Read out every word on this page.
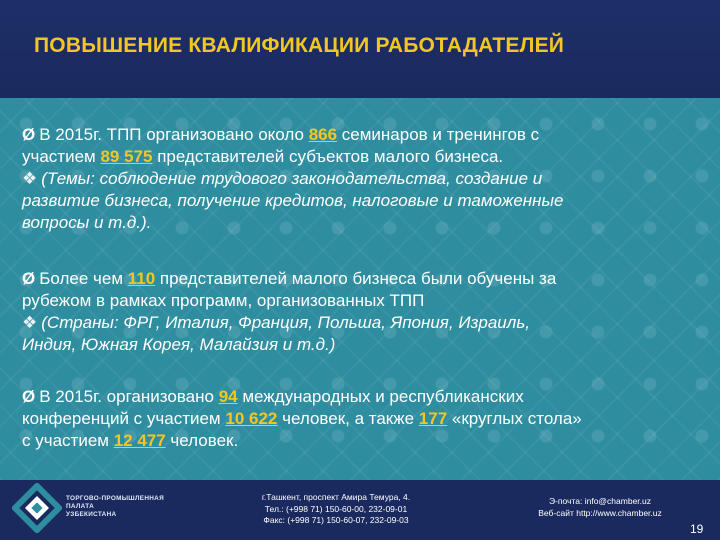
ПОВЫШЕНИЕ КВАЛИФИКАЦИИ РАБОТАДАТЕЛЕЙ

Ø В 2015г. ТПП организовано около 866 семинаров и тренингов с

участием 89 575 представителей субъектов малого бизнеса.

❖ (Темы: соблюдение трудового законодательства, создание и

развитие бизнеса, получение кредитов, налоговые и таможенные

вопросы и т.д.).

Ø Более чем 110 представителей малого бизнеса были обучены за

рубежом в рамках программ, организованных ТПП

❖ (Страны: ФРГ, Италия, Франция, Польша, Япония, Израиль,

Индия, Южная Корея, Малайзия и т.д.)

Ø В 2015г. организовано 94 международных и республиканских

конференций с участием 10 622 человек, а также 177 «круглых стола»

с участием 12 477 человек.

ТОРГОВО-ПРОМЫШЛЕННАЯ
ПАЛАТА
УЗБЕКИСТАНА
г.Ташкент, проспект Амира Темура, 4.
Тел.: (+998 71) 150-60-00, 232-09-01
Факс: (+998 71) 150-60-07, 232-09-03
Э-почта: info@chamber.uz
Веб-сайт http://www.chamber.uz
19
